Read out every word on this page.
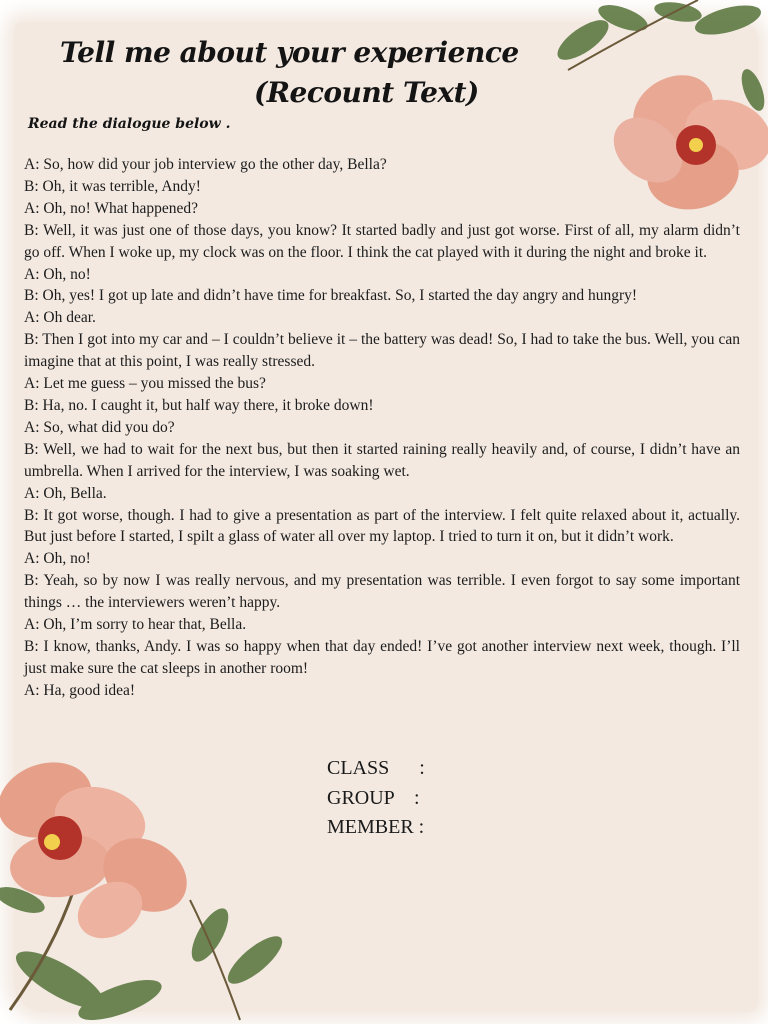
Tell me about your experience
(Recount Text)
Read the dialogue below .
A: So, how did your job interview go the other day, Bella?
B: Oh, it was terrible, Andy!
A: Oh, no! What happened?
B: Well, it was just one of those days, you know? It started badly and just got worse. First of all, my alarm didn’t go off. When I woke up, my clock was on the floor. I think the cat played with it during the night and broke it.
A: Oh, no!
B: Oh, yes! I got up late and didn’t have time for breakfast. So, I started the day angry and hungry!
A: Oh dear.
B: Then I got into my car and – I couldn’t believe it – the battery was dead! So, I had to take the bus. Well, you can imagine that at this point, I was really stressed.
A: Let me guess – you missed the bus?
B: Ha, no. I caught it, but half way there, it broke down!
A: So, what did you do?
B: Well, we had to wait for the next bus, but then it started raining really heavily and, of course, I didn’t have an umbrella. When I arrived for the interview, I was soaking wet.
A: Oh, Bella.
B: It got worse, though. I had to give a presentation as part of the interview. I felt quite relaxed about it, actually. But just before I started, I spilt a glass of water all over my laptop. I tried to turn it on, but it didn’t work.
A: Oh, no!
B: Yeah, so by now I was really nervous, and my presentation was terrible. I even forgot to say some important things … the interviewers weren’t happy.
A: Oh, I’m sorry to hear that, Bella.
B: I know, thanks, Andy. I was so happy when that day ended! I’ve got another interview next week, though. I’ll just make sure the cat sleeps in another room!
A: Ha, good idea!
CLASS      :
GROUP    :
MEMBER :
